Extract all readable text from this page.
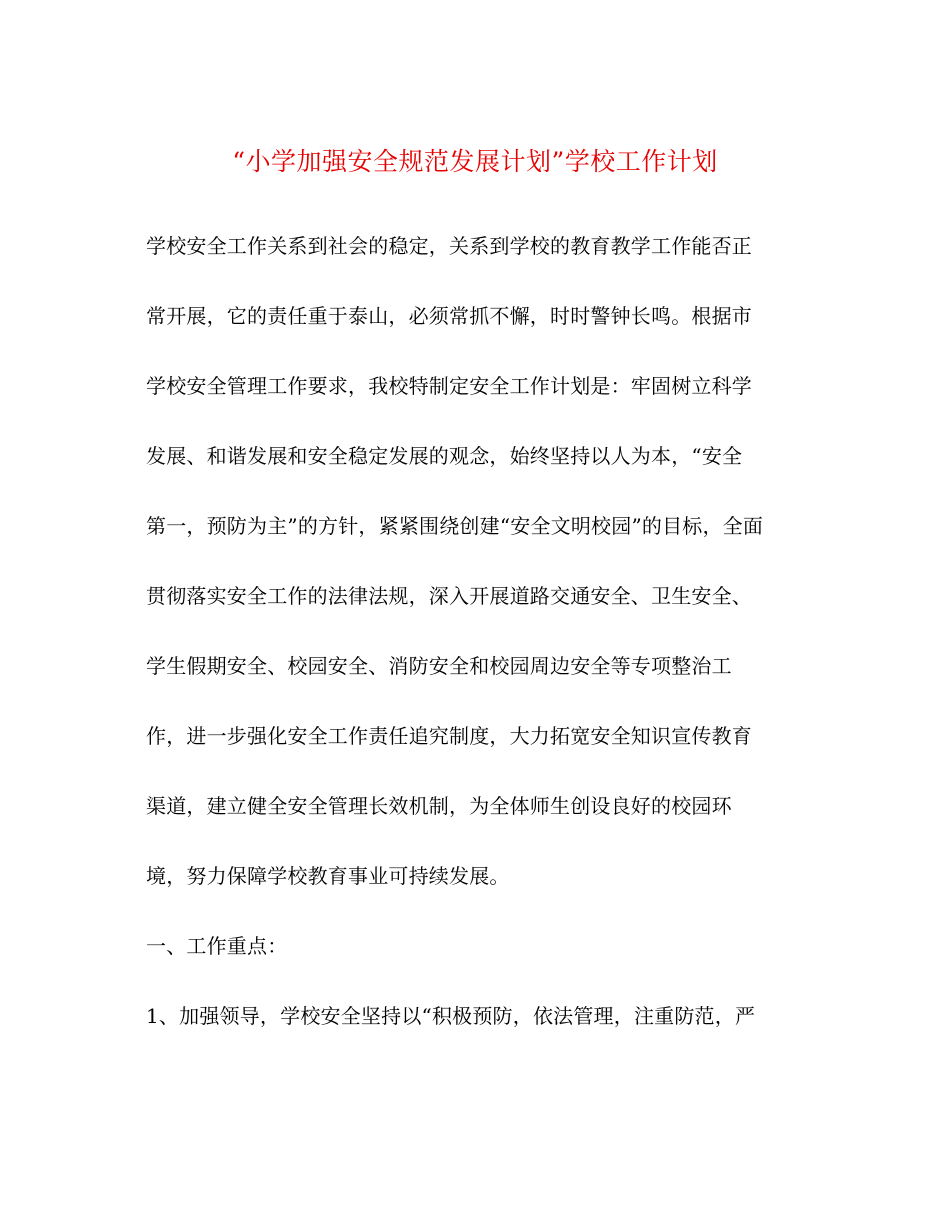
“小学加强安全规范发展计划”学校工作计划
学校安全工作关系到社会的稳定，关系到学校的教育教学工作能否正
常开展，它的责任重于泰山，必须常抓不懈，时时警钟长鸣。根据市
学校安全管理工作要求，我校特制定安全工作计划是：牢固树立科学
发展、和谐发展和安全稳定发展的观念，始终坚持以人为本，“安全
第一，预防为主”的方针，紧紧围绕创建“安全文明校园”的目标，全面
贯彻落实安全工作的法律法规，深入开展道路交通安全、卫生安全、
学生假期安全、校园安全、消防安全和校园周边安全等专项整治工
作，进一步强化安全工作责任追究制度，大力拓宽安全知识宣传教育
渠道，建立健全安全管理长效机制，为全体师生创设良好的校园环
境，努力保障学校教育事业可持续发展。
一、工作重点：
1、加强领导，学校安全坚持以“积极预防，依法管理，注重防范，严
